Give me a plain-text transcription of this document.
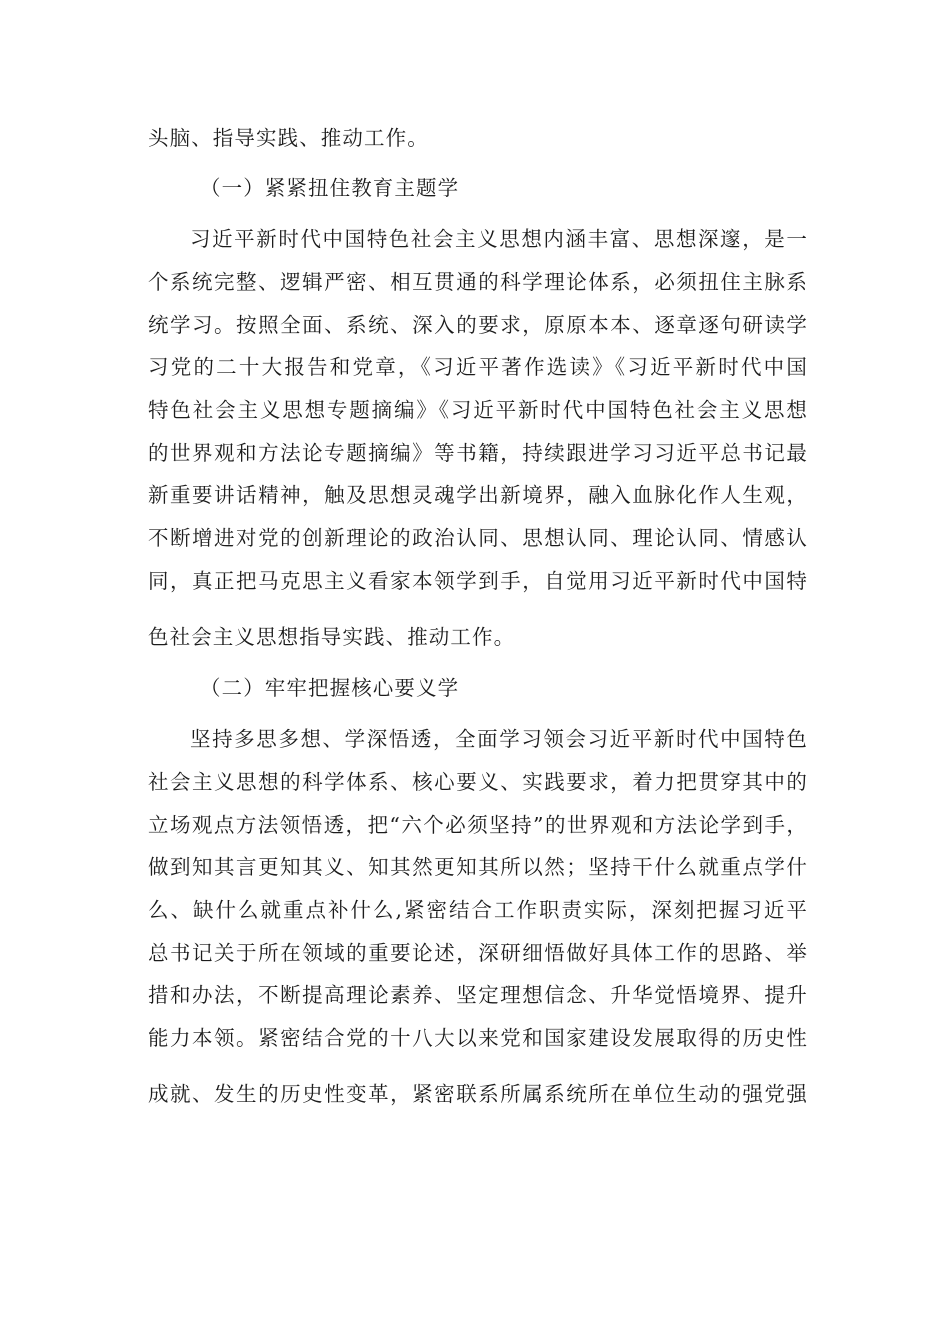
头脑、指导实践、推动工作。
（一）紧紧扭住教育主题学
习近平新时代中国特色社会主义思想内涵丰富、思想深邃，是一
个系统完整、逻辑严密、相互贯通的科学理论体系，必须扭住主脉系
统学习。按照全面、系统、深入的要求，原原本本、逐章逐句研读学
习党的二十大报告和党章，《习近平著作选读》《习近平新时代中国
特色社会主义思想专题摘编》《习近平新时代中国特色社会主义思想
的世界观和方法论专题摘编》等书籍，持续跟进学习习近平总书记最
新重要讲话精神，触及思想灵魂学出新境界，融入血脉化作人生观，
不断增进对党的创新理论的政治认同、思想认同、理论认同、情感认
同，真正把马克思主义看家本领学到手，自觉用习近平新时代中国特
色社会主义思想指导实践、推动工作。
（二）牢牢把握核心要义学
坚持多思多想、学深悟透，全面学习领会习近平新时代中国特色
社会主义思想的科学体系、核心要义、实践要求，着力把贯穿其中的
立场观点方法领悟透，把“六个必须坚持”的世界观和方法论学到手，
做到知其言更知其义、知其然更知其所以然；坚持干什么就重点学什
么、缺什么就重点补什么,紧密结合工作职责实际，深刻把握习近平
总书记关于所在领域的重要论述，深研细悟做好具体工作的思路、举
措和办法，不断提高理论素养、坚定理想信念、升华觉悟境界、提升
能力本领。紧密结合党的十八大以来党和国家建设发展取得的历史性
成就、发生的历史性变革，紧密联系所属系统所在单位生动的强党强
